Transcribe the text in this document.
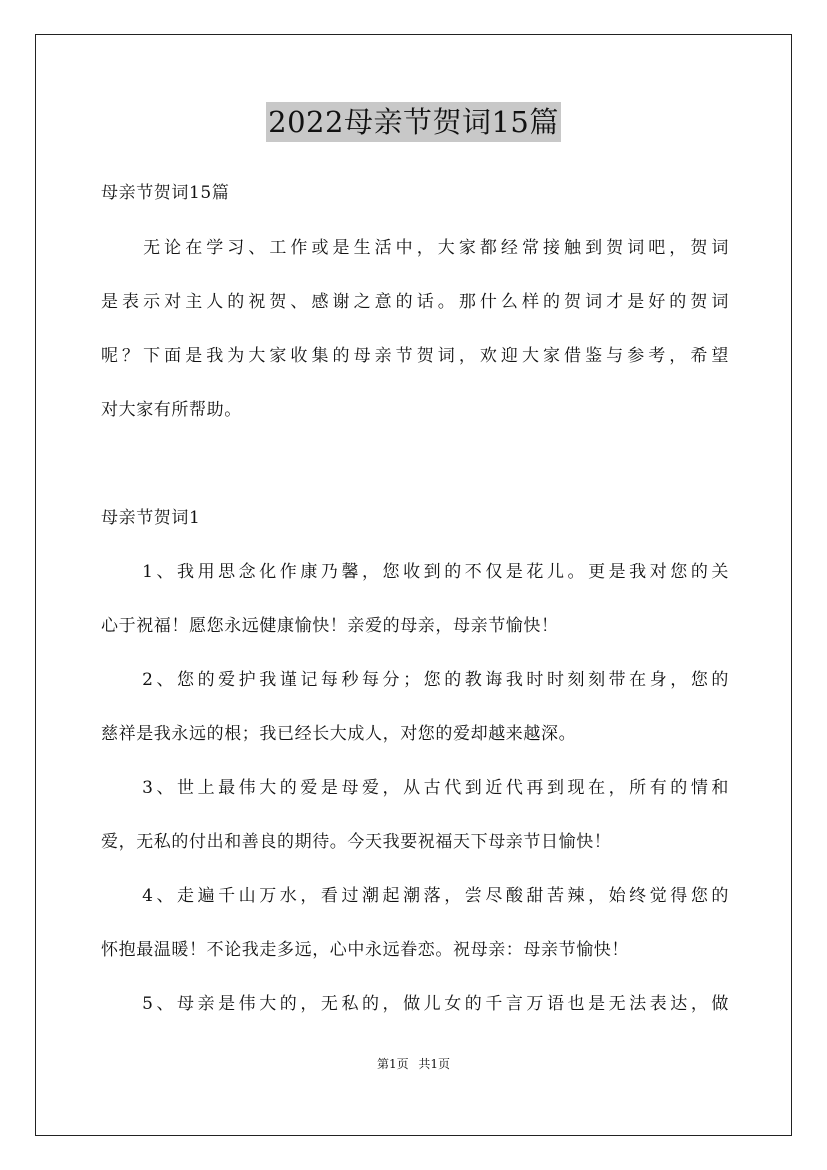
2022母亲节贺词15篇
母亲节贺词15篇
　　无论在学习、工作或是生活中，大家都经常接触到贺词吧，贺词
是表示对主人的祝贺、感谢之意的话。那什么样的贺词才是好的贺词
呢？下面是我为大家收集的母亲节贺词，欢迎大家借鉴与参考，希望
对大家有所帮助。
母亲节贺词1
　　1、我用思念化作康乃馨，您收到的不仅是花儿。更是我对您的关
心于祝福！愿您永远健康愉快！亲爱的母亲，母亲节愉快！
　　2、您的爱护我谨记每秒每分；您的教诲我时时刻刻带在身，您的
慈祥是我永远的根；我已经长大成人，对您的爱却越来越深。
　　3、世上最伟大的爱是母爱，从古代到近代再到现在，所有的情和
爱，无私的付出和善良的期待。今天我要祝福天下母亲节日愉快！
　　4、走遍千山万水，看过潮起潮落，尝尽酸甜苦辣，始终觉得您的
怀抱最温暖！不论我走多远，心中永远眷恋。祝母亲：母亲节愉快！
　　5、母亲是伟大的，无私的，做儿女的千言万语也是无法表达，做
第1页 共1页
